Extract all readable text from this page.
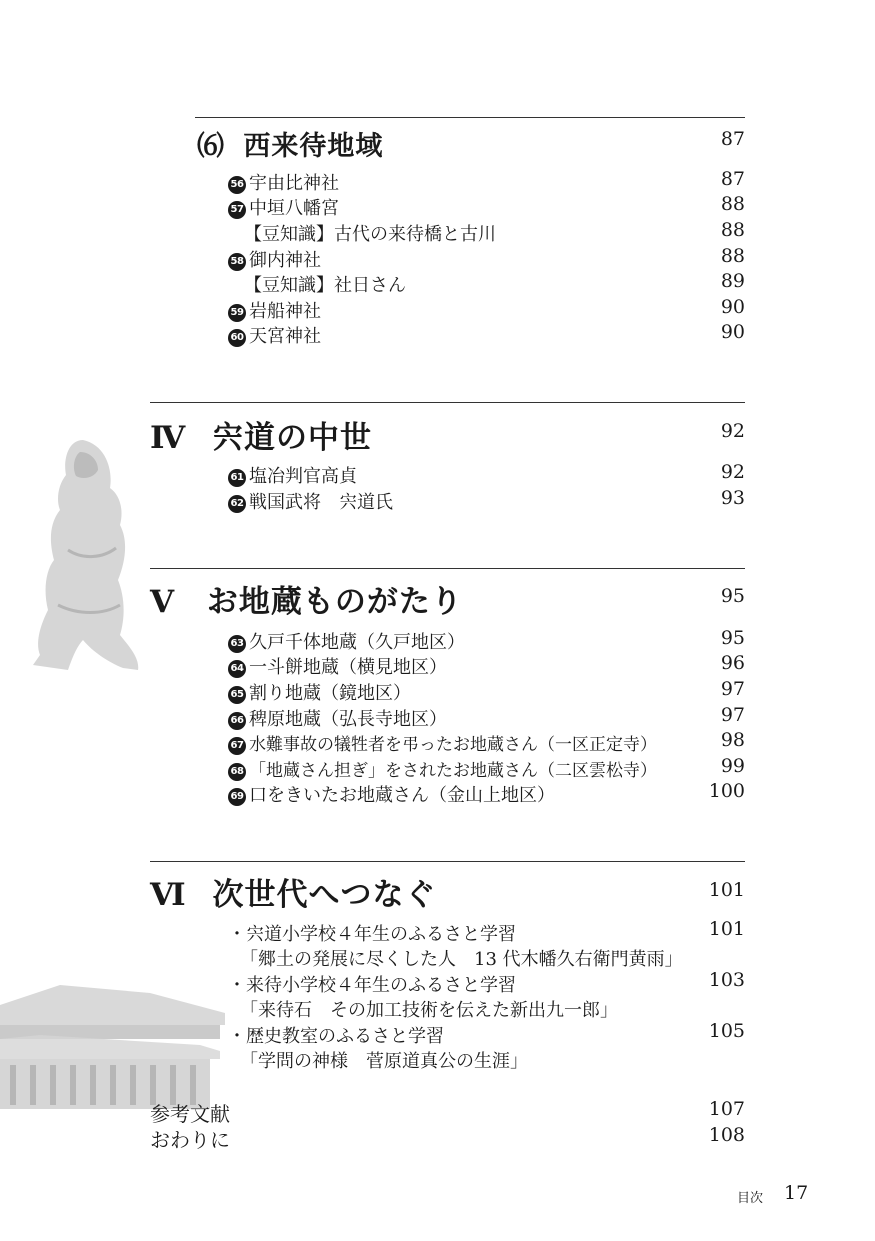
⑹ 西来待地域	87
56 宇由比神社	87
57 中垣八幡宮	88
【豆知識】古代の来待橋と古川	88
58 御内神社	88
【豆知識】社日さん	89
59 岩船神社	90
60 天宮神社	90
Ⅳ 宍道の中世	92
61 塩冶判官高貞	92
62 戦国武将　宍道氏	93
Ⅴ お地蔵ものがたり	95
63 久戸千体地蔵（久戸地区）	95
64 一斗餅地蔵（横見地区）	96
65 割り地蔵（鏡地区）	97
66 稗原地蔵（弘長寺地区）	97
67 水難事故の犠牲者を弔ったお地蔵さん（一区正定寺）	98
68 「地蔵さん担ぎ」をされたお地蔵さん（二区雲松寺）	99
69 口をきいたお地蔵さん（金山上地区）	100
Ⅵ 次世代へつなぐ	101
・宍道小学校４年生のふるさと学習	101
「郷土の発展に尽くした人　13 代木幡久右衛門黄雨」
・来待小学校４年生のふるさと学習	103
「来待石　その加工技術を伝えた新出九一郎」
・歴史教室のふるさと学習	105
「学問の神様　菅原道真公の生涯」
参考文献	107
おわりに	108
目次 17
